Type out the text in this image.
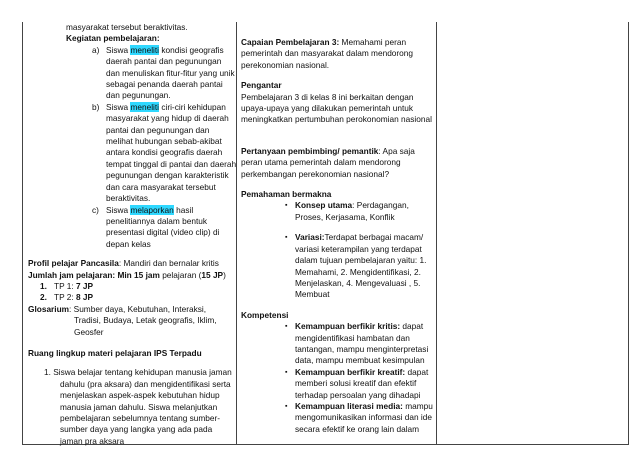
masyarakat tersebut beraktivitas.

Kegiatan pembelajaran:

a) Siswa meneliti kondisi geografis daerah pantai dan pegunungan dan menuliskan fitur-fitur yang unik sebagai penanda daerah pantai dan pegunungan.

b) Siswa meneliti ciri-ciri kehidupan masyarakat yang hidup di daerah pantai dan pegunungan dan melihat hubungan sebab-akibat antara kondisi geografis daerah tempat tinggal di pantai dan daerah pegunungan dengan karakteristik dan cara masyarakat tersebut beraktivitas.

c) Siswa melaporkan hasil penelitiannya dalam bentuk presentasi digital (video clip) di depan kelas

Profil pelajar Pancasila: Mandiri dan bernalar kritis

Jumlah jam pelajaran: Min 15 jam pelajaran (15 JP)

1. TP 1: 7 JP

2. TP 2: 8 JP

Glosarium: Sumber daya, Kebutuhan, Interaksi,

Tradisi, Budaya, Letak geografis, Iklim, Geosfer

Ruang lingkup materi pelajaran IPS Terpadu

1. Siswa belajar tentang kehidupan manusia jaman dahulu (pra aksara) dan mengidentifikasi serta menjelaskan aspek-aspek kebutuhan hidup manusia jaman dahulu. Siswa melanjutkan pembelajaran sebelumnya tentang sumber-sumber daya yang langka yang ada pada jaman pra aksara

Capaian Pembelajaran 3: Memahami peran pemerintah dan masyarakat dalam mendorong perekonomian nasional.

Pengantar

Pembelajaran 3 di kelas 8 ini berkaitan dengan upaya-upaya yang dilakukan pemerintah untuk meningkatkan pertumbuhan perokonomian nasional

Pertanyaan pembimbing/ pemantik: Apa saja peran utama pemerintah dalam mendorong perkembangan perekonomian nasional?

Pemahaman bermakna

▪ Konsep utama: Perdagangan, Proses, Kerjasama, Konflik

▪ Variasi:Terdapat berbagai macam/ variasi keterampilan yang terdapat dalam tujuan pembelajaran yaitu: 1. Memahami, 2. Mengidentifikasi, 2. Menjelaskan, 4. Mengevaluasi , 5. Membuat

Kompetensi

▪ Kemampuan berfikir kritis: dapat mengidentifikasi hambatan dan tantangan, mampu menginterpretasi data, mampu membuat kesimpulan

▪ Kemampuan berfikir kreatif: dapat memberi solusi kreatif dan efektif terhadap persoalan yang dihadapi

▪ Kemampuan literasi media: mampu mengomunikasikan informasi dan ide secara efektif ke orang lain dalam
